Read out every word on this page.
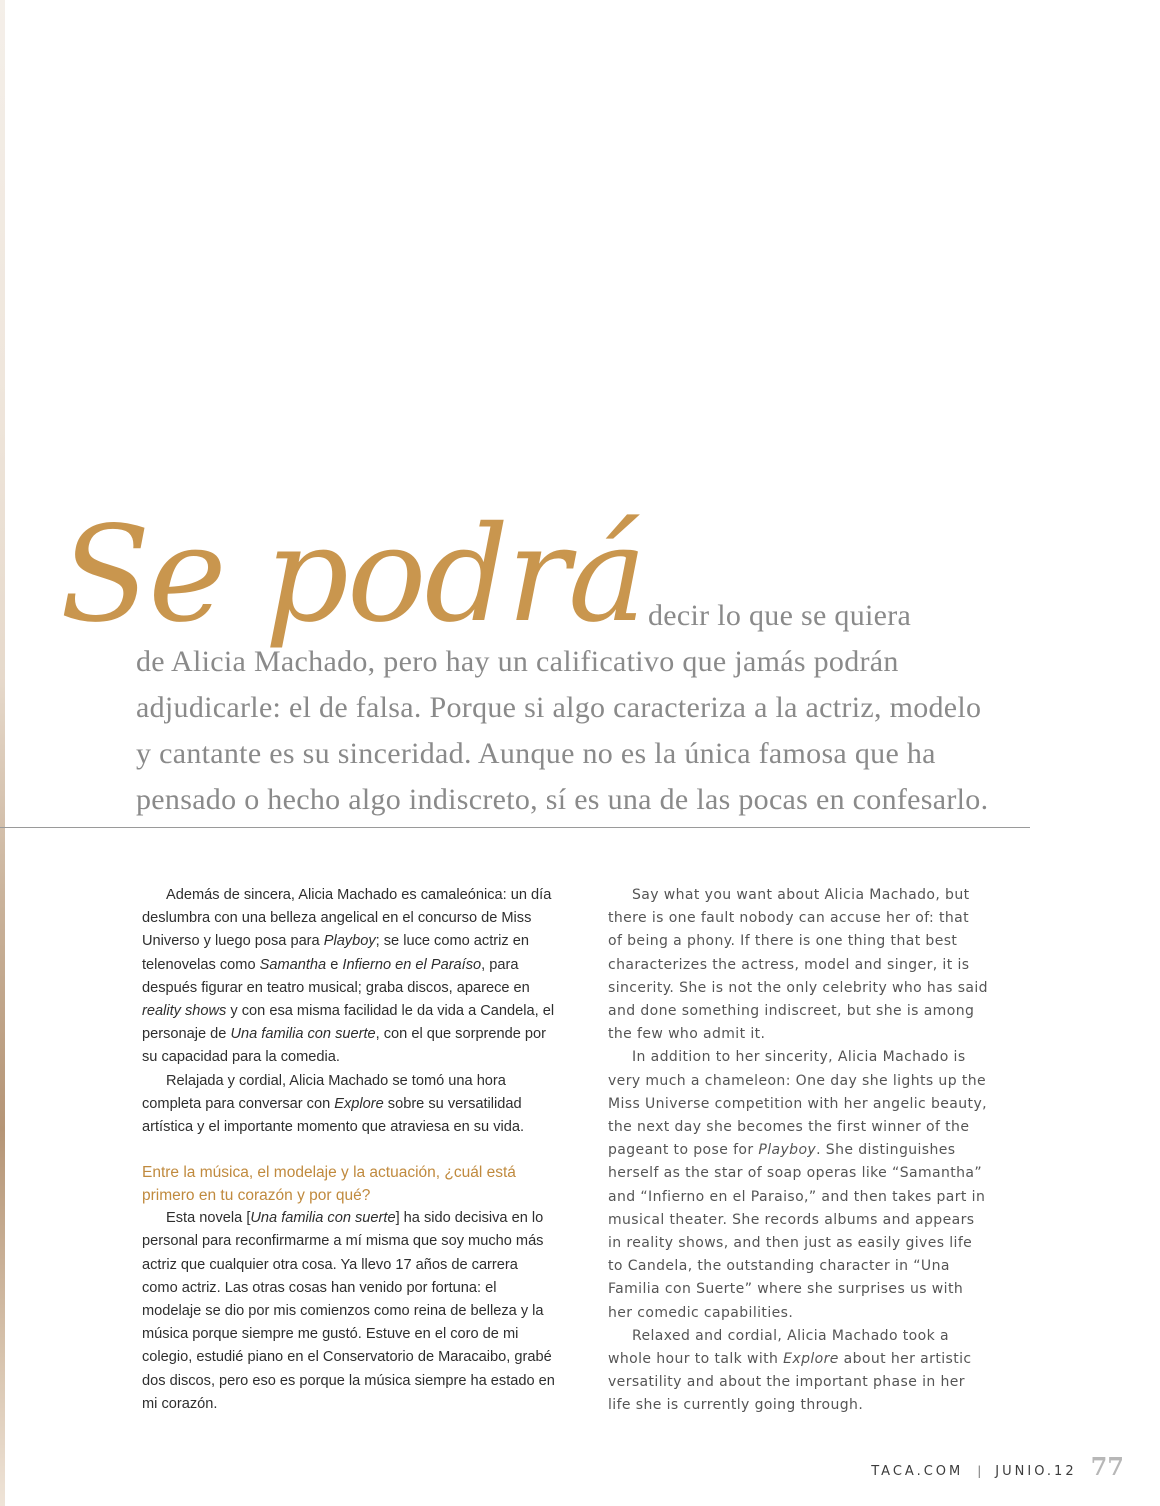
Se podrá decir lo que se quiera
de Alicia Machado, pero hay un calificativo que jamás podrán
adjudicarle: el de falsa. Porque si algo caracteriza a la actriz, modelo
y cantante es su sinceridad. Aunque no es la única famosa que ha
pensado o hecho algo indiscreto, sí es una de las pocas en confesarlo.

Además de sincera, Alicia Machado es camaleónica: un día deslumbra con una belleza angelical en el concurso de Miss Universo y luego posa para Playboy; se luce como actriz en telenovelas como Samantha e Infierno en el Paraíso, para después figurar en teatro musical; graba discos, aparece en reality shows y con esa misma facilidad le da vida a Candela, el personaje de Una familia con suerte, con el que sorprende por su capacidad para la comedia.

Relajada y cordial, Alicia Machado se tomó una hora completa para conversar con Explore sobre su versatilidad artística y el importante momento que atraviesa en su vida.

Entre la música, el modelaje y la actuación, ¿cuál está primero en tu corazón y por qué?

Esta novela [Una familia con suerte] ha sido decisiva en lo personal para reconfirmarme a mí misma que soy mucho más actriz que cualquier otra cosa. Ya llevo 17 años de carrera como actriz. Las otras cosas han venido por fortuna: el modelaje se dio por mis comienzos como reina de belleza y la música porque siempre me gustó. Estuve en el coro de mi colegio, estudié piano en el Conservatorio de Maracaibo, grabé dos discos, pero eso es porque la música siempre ha estado en mi corazón.

Say what you want about Alicia Machado, but there is one fault nobody can accuse her of: that of being a phony. If there is one thing that best characterizes the actress, model and singer, it is sincerity. She is not the only celebrity who has said and done something indiscreet, but she is among the few who admit it.

In addition to her sincerity, Alicia Machado is very much a chameleon: One day she lights up the Miss Universe competition with her angelic beauty, the next day she becomes the first winner of the pageant to pose for Playboy. She distinguishes herself as the star of soap operas like “Samantha” and “Infierno en el Paraiso,” and then takes part in musical theater. She records albums and appears in reality shows, and then just as easily gives life to Candela, the outstanding character in “Una Familia con Suerte” where she surprises us with her comedic capabilities.

Relaxed and cordial, Alicia Machado took a whole hour to talk with Explore about her artistic versatility and about the important phase in her life she is currently going through.

TACA.COM | JUNIO.12 77
